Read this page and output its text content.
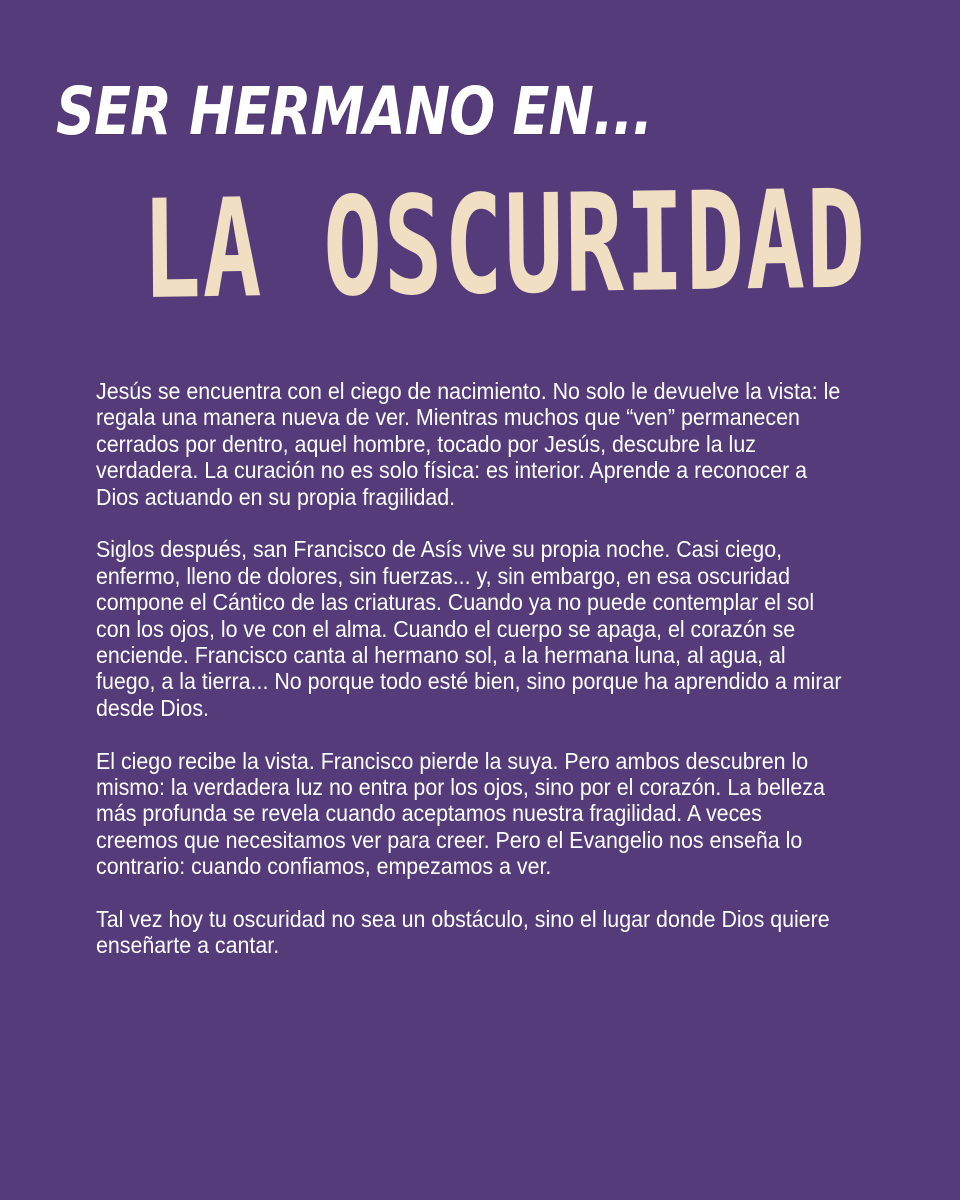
SER HERMANO EN...
LA OSCURIDAD

Jesús se encuentra con el ciego de nacimiento. No solo le devuelve la vista: le regala una manera nueva de ver. Mientras muchos que “ven” permanecen cerrados por dentro, aquel hombre, tocado por Jesús, descubre la luz verdadera. La curación no es solo física: es interior. Aprende a reconocer a Dios actuando en su propia fragilidad.

Siglos después, san Francisco de Asís vive su propia noche. Casi ciego, enfermo, lleno de dolores, sin fuerzas... y, sin embargo, en esa oscuridad compone el Cántico de las criaturas. Cuando ya no puede contemplar el sol con los ojos, lo ve con el alma. Cuando el cuerpo se apaga, el corazón se enciende. Francisco canta al hermano sol, a la hermana luna, al agua, al fuego, a la tierra... No porque todo esté bien, sino porque ha aprendido a mirar desde Dios.

El ciego recibe la vista. Francisco pierde la suya. Pero ambos descubren lo mismo: la verdadera luz no entra por los ojos, sino por el corazón. La belleza más profunda se revela cuando aceptamos nuestra fragilidad. A veces creemos que necesitamos ver para creer. Pero el Evangelio nos enseña lo contrario: cuando confiamos, empezamos a ver.

Tal vez hoy tu oscuridad no sea un obstáculo, sino el lugar donde Dios quiere enseñarte a cantar.
